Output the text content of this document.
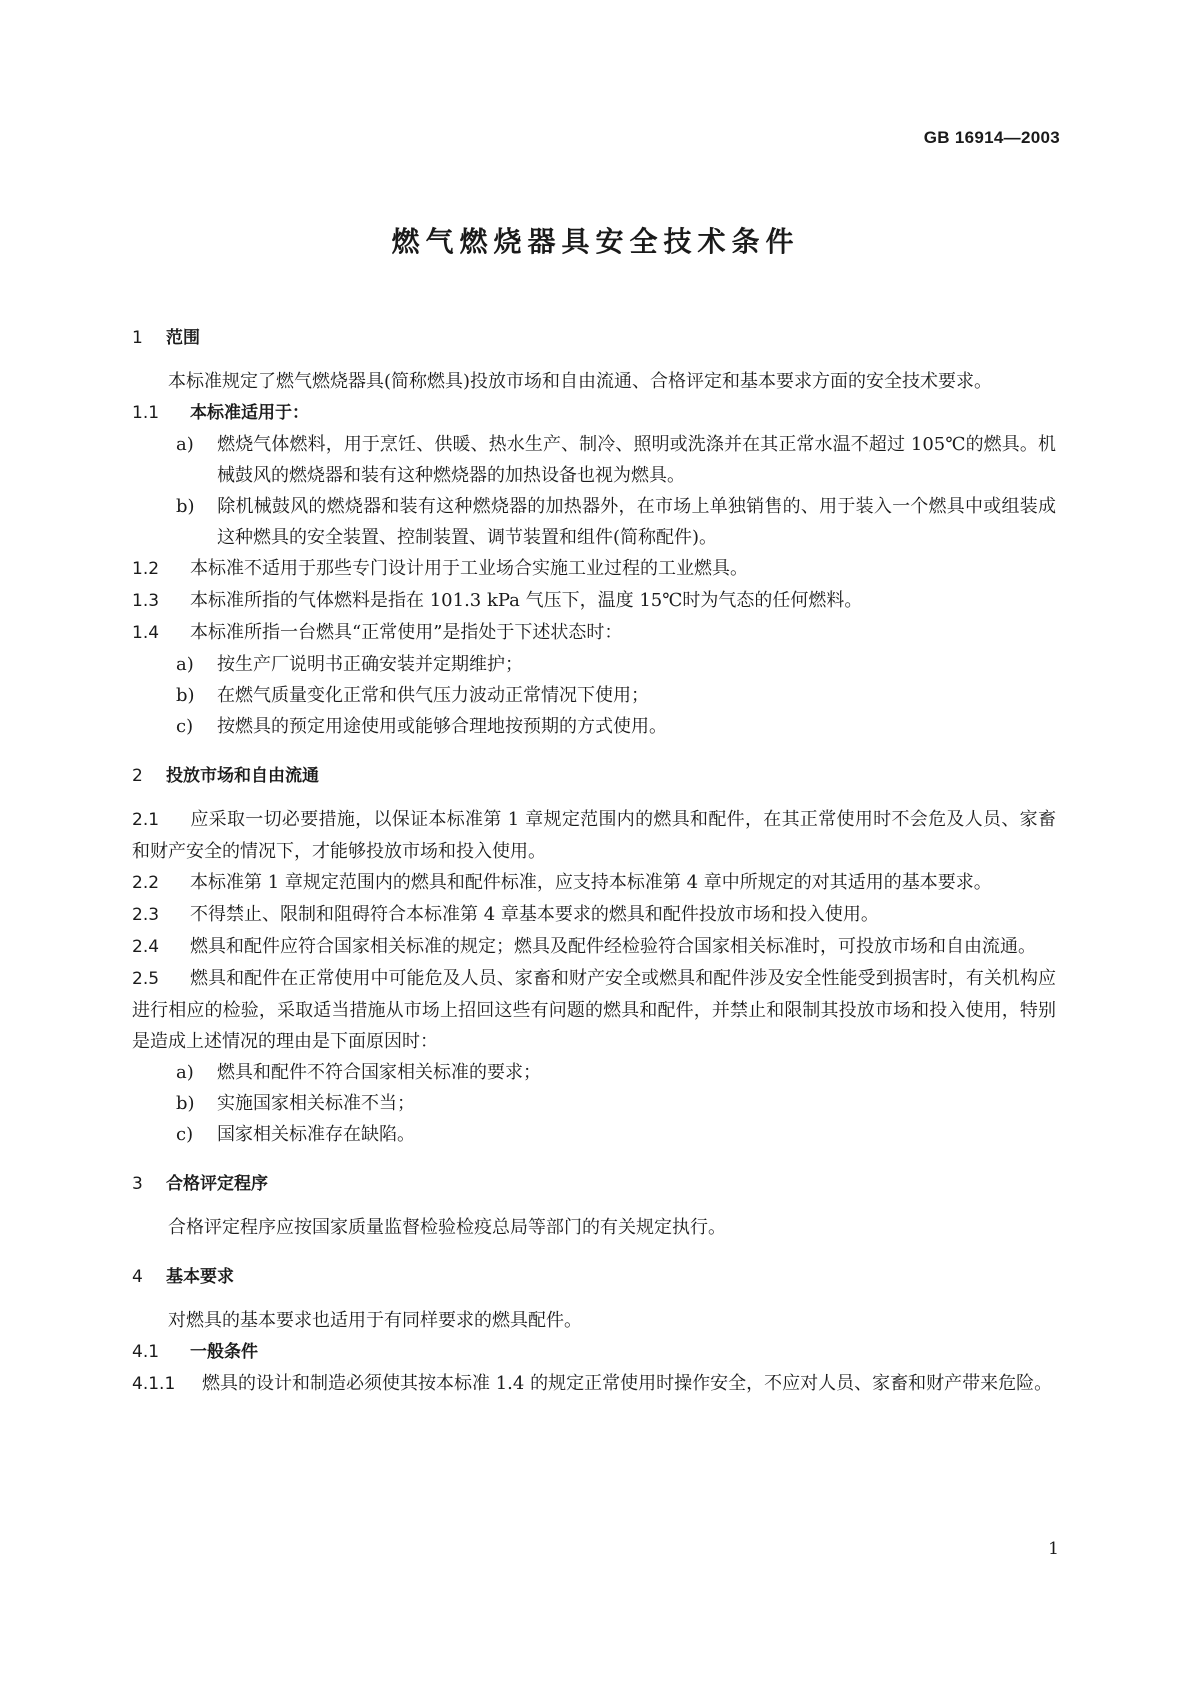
GB 16914—2003
燃气燃烧器具安全技术条件

1 范围

本标准规定了燃气燃烧器具(简称燃具)投放市场和自由流通、合格评定和基本要求方面的安全技术要求。

1.1 本标准适用于：

a) 燃烧气体燃料，用于烹饪、供暖、热水生产、制冷、照明或洗涤并在其正常水温不超过 105℃的燃具。机械鼓风的燃烧器和装有这种燃烧器的加热设备也视为燃具。

b) 除机械鼓风的燃烧器和装有这种燃烧器的加热器外，在市场上单独销售的、用于装入一个燃具中或组装成这种燃具的安全装置、控制装置、调节装置和组件(简称配件)。

1.2 本标准不适用于那些专门设计用于工业场合实施工业过程的工业燃具。

1.3 本标准所指的气体燃料是指在 101.3 kPa 气压下，温度 15℃时为气态的任何燃料。

1.4 本标准所指一台燃具“正常使用”是指处于下述状态时：

a) 按生产厂说明书正确安装并定期维护；

b) 在燃气质量变化正常和供气压力波动正常情况下使用；

c) 按燃具的预定用途使用或能够合理地按预期的方式使用。

2 投放市场和自由流通

2.1 应采取一切必要措施，以保证本标准第 1 章规定范围内的燃具和配件，在其正常使用时不会危及人员、家畜和财产安全的情况下，才能够投放市场和投入使用。

2.2 本标准第 1 章规定范围内的燃具和配件标准，应支持本标准第 4 章中所规定的对其适用的基本要求。

2.3 不得禁止、限制和阻碍符合本标准第 4 章基本要求的燃具和配件投放市场和投入使用。

2.4 燃具和配件应符合国家相关标准的规定；燃具及配件经检验符合国家相关标准时，可投放市场和自由流通。

2.5 燃具和配件在正常使用中可能危及人员、家畜和财产安全或燃具和配件涉及安全性能受到损害时，有关机构应进行相应的检验，采取适当措施从市场上招回这些有问题的燃具和配件，并禁止和限制其投放市场和投入使用，特别是造成上述情况的理由是下面原因时：

a) 燃具和配件不符合国家相关标准的要求；

b) 实施国家相关标准不当；

c) 国家相关标准存在缺陷。

3 合格评定程序

合格评定程序应按国家质量监督检验检疫总局等部门的有关规定执行。

4 基本要求

对燃具的基本要求也适用于有同样要求的燃具配件。

4.1 一般条件

4.1.1 燃具的设计和制造必须使其按本标准 1.4 的规定正常使用时操作安全，不应对人员、家畜和财产带来危险。

1
